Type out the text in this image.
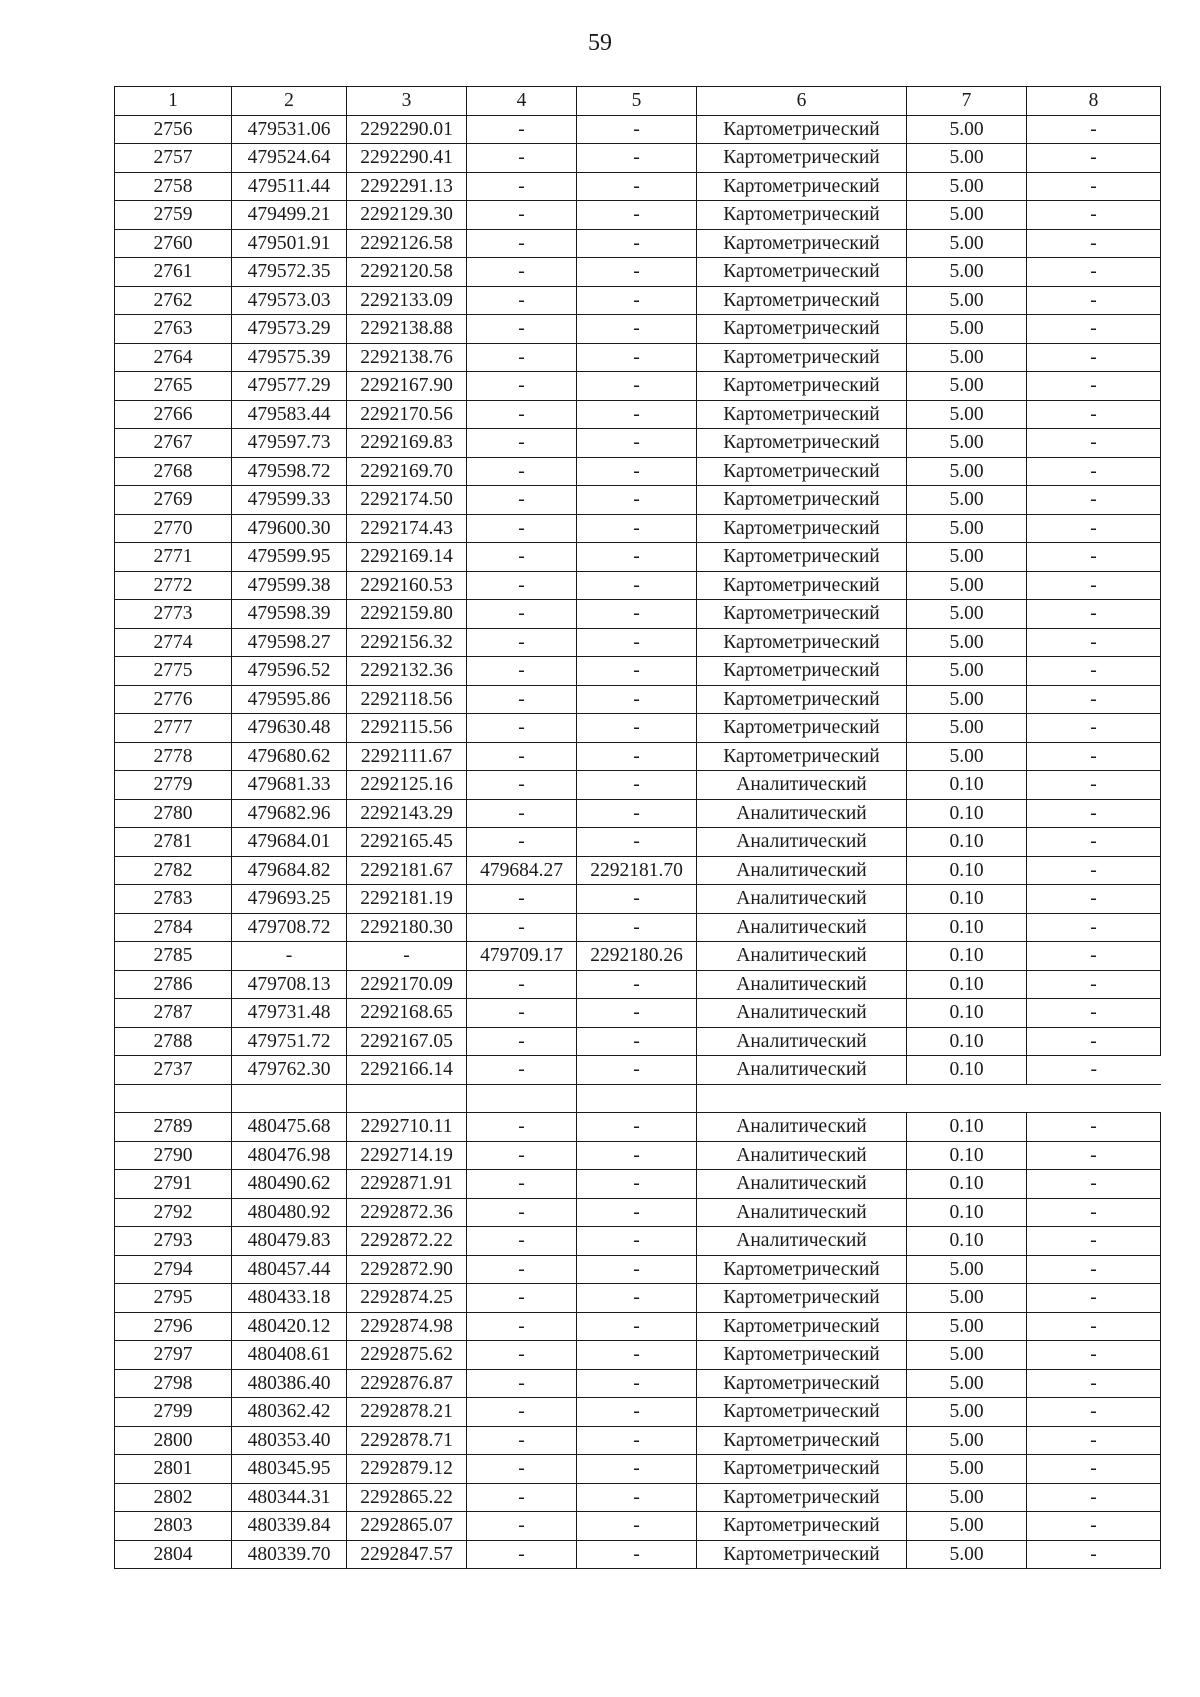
59
1	2	3	4	5	6	7	8
2756	479531.06	2292290.01	-	-	Картометрический	5.00	-
2757	479524.64	2292290.41	-	-	Картометрический	5.00	-
2758	479511.44	2292291.13	-	-	Картометрический	5.00	-
2759	479499.21	2292129.30	-	-	Картометрический	5.00	-
2760	479501.91	2292126.58	-	-	Картометрический	5.00	-
2761	479572.35	2292120.58	-	-	Картометрический	5.00	-
2762	479573.03	2292133.09	-	-	Картометрический	5.00	-
2763	479573.29	2292138.88	-	-	Картометрический	5.00	-
2764	479575.39	2292138.76	-	-	Картометрический	5.00	-
2765	479577.29	2292167.90	-	-	Картометрический	5.00	-
2766	479583.44	2292170.56	-	-	Картометрический	5.00	-
2767	479597.73	2292169.83	-	-	Картометрический	5.00	-
2768	479598.72	2292169.70	-	-	Картометрический	5.00	-
2769	479599.33	2292174.50	-	-	Картометрический	5.00	-
2770	479600.30	2292174.43	-	-	Картометрический	5.00	-
2771	479599.95	2292169.14	-	-	Картометрический	5.00	-
2772	479599.38	2292160.53	-	-	Картометрический	5.00	-
2773	479598.39	2292159.80	-	-	Картометрический	5.00	-
2774	479598.27	2292156.32	-	-	Картометрический	5.00	-
2775	479596.52	2292132.36	-	-	Картометрический	5.00	-
2776	479595.86	2292118.56	-	-	Картометрический	5.00	-
2777	479630.48	2292115.56	-	-	Картометрический	5.00	-
2778	479680.62	2292111.67	-	-	Картометрический	5.00	-
2779	479681.33	2292125.16	-	-	Аналитический	0.10	-
2780	479682.96	2292143.29	-	-	Аналитический	0.10	-
2781	479684.01	2292165.45	-	-	Аналитический	0.10	-
2782	479684.82	2292181.67	479684.27	2292181.70	Аналитический	0.10	-
2783	479693.25	2292181.19	-	-	Аналитический	0.10	-
2784	479708.72	2292180.30	-	-	Аналитический	0.10	-
2785	-	-	479709.17	2292180.26	Аналитический	0.10	-
2786	479708.13	2292170.09	-	-	Аналитический	0.10	-
2787	479731.48	2292168.65	-	-	Аналитический	0.10	-
2788	479751.72	2292167.05	-	-	Аналитический	0.10	-
2737	479762.30	2292166.14	-	-	Аналитический	0.10	-

2789	480475.68	2292710.11	-	-	Аналитический	0.10	-
2790	480476.98	2292714.19	-	-	Аналитический	0.10	-
2791	480490.62	2292871.91	-	-	Аналитический	0.10	-
2792	480480.92	2292872.36	-	-	Аналитический	0.10	-
2793	480479.83	2292872.22	-	-	Аналитический	0.10	-
2794	480457.44	2292872.90	-	-	Картометрический	5.00	-
2795	480433.18	2292874.25	-	-	Картометрический	5.00	-
2796	480420.12	2292874.98	-	-	Картометрический	5.00	-
2797	480408.61	2292875.62	-	-	Картометрический	5.00	-
2798	480386.40	2292876.87	-	-	Картометрический	5.00	-
2799	480362.42	2292878.21	-	-	Картометрический	5.00	-
2800	480353.40	2292878.71	-	-	Картометрический	5.00	-
2801	480345.95	2292879.12	-	-	Картометрический	5.00	-
2802	480344.31	2292865.22	-	-	Картометрический	5.00	-
2803	480339.84	2292865.07	-	-	Картометрический	5.00	-
2804	480339.70	2292847.57	-	-	Картометрический	5.00	-
